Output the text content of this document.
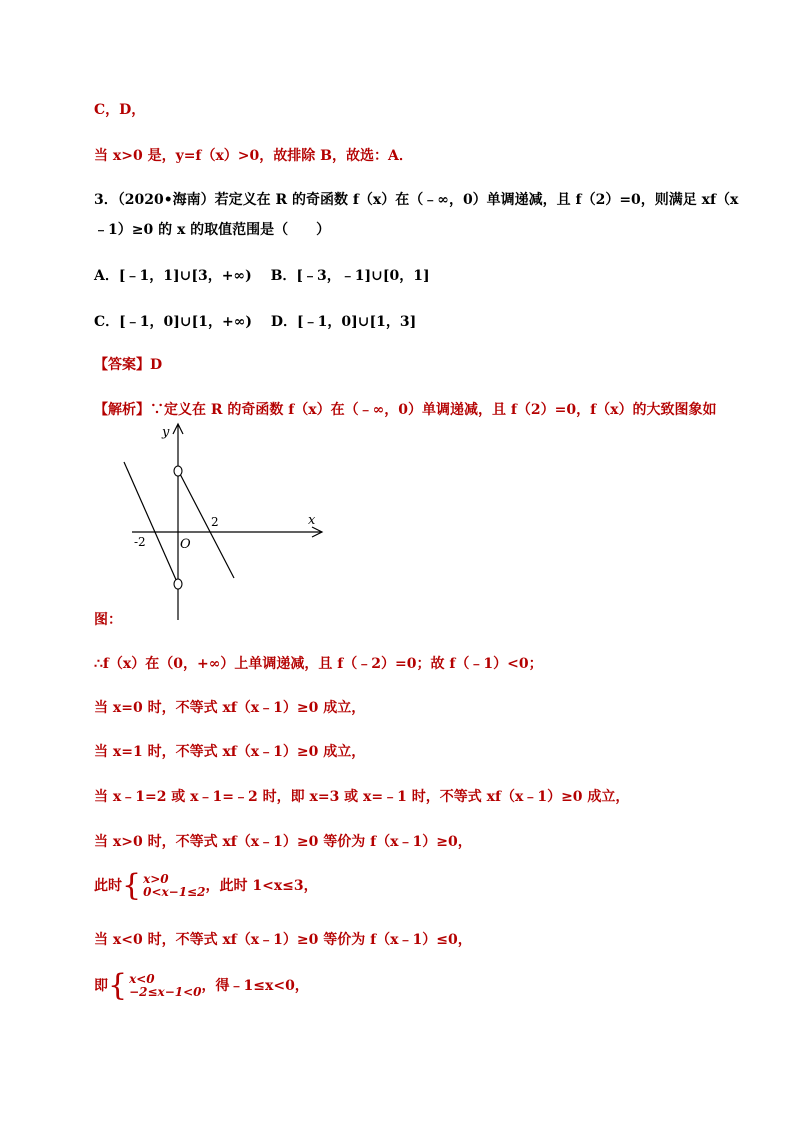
C，D，
当 x>0 是，y=f（x）>0，故排除 B，故选：A．
3．（2020•海南）若定义在 R 的奇函数 f（x）在（﹣∞，0）单调递减，且 f（2）=0，则满足 xf（x
﹣1）≥0 的 x 的取值范围是（　　）
A．[﹣1，1]∪[3，+∞)　 B．[﹣3，﹣1]∪[0，1]
C．[﹣1，0]∪[1，+∞)　 D．[﹣1，0]∪[1，3]
【答案】D
【解析】∵定义在 R 的奇函数 f（x）在（﹣∞，0）单调递减，且 f（2）=0，f（x）的大致图象如
y
x
O
2
-2
图：
∴f（x）在（0，+∞）上单调递减，且 f（﹣2）=0；故 f（﹣1）<0；
当 x=0 时，不等式 xf（x﹣1）≥0 成立，
当 x=1 时，不等式 xf（x﹣1）≥0 成立，
当 x﹣1=2 或 x﹣1=﹣2 时，即 x=3 或 x=﹣1 时，不等式 xf（x﹣1）≥0 成立，
当 x>0 时，不等式 xf（x﹣1）≥0 等价为 f（x﹣1）≥0，
此时{ x>0
0<x−1≤2 ，此时 1<x≤3，
当 x<0 时，不等式 xf（x﹣1）≥0 等价为 f（x﹣1）≤0，
即{ x<0
−2≤x−1<0 ，得﹣1≤x<0，
